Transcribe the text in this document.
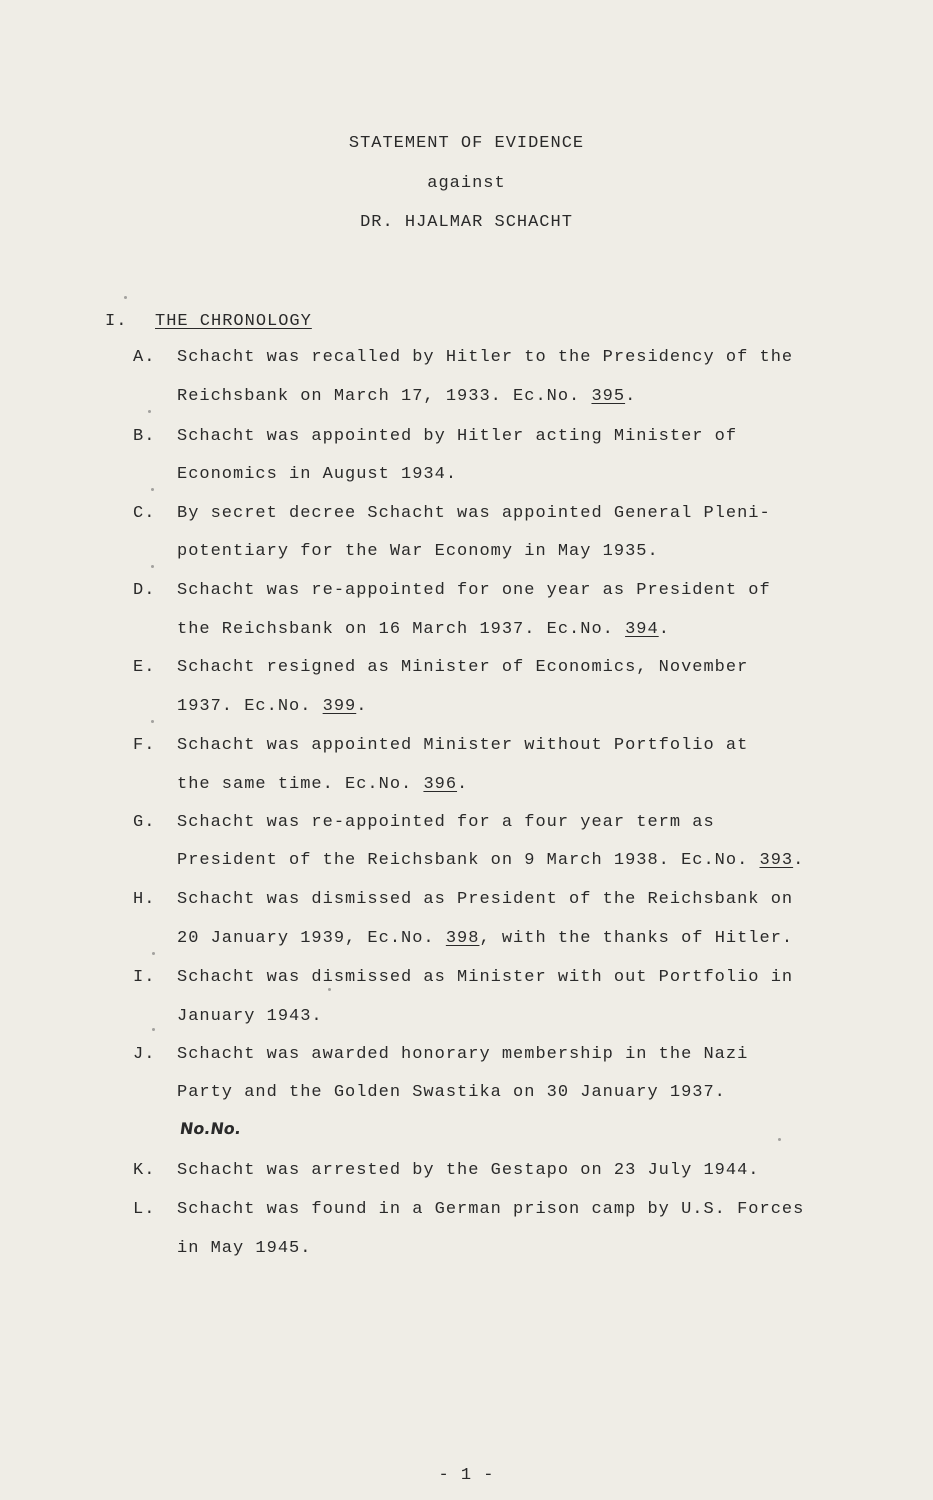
STATEMENT OF EVIDENCE
against
DR. HJALMAR SCHACHT
I. THE CHRONOLOGY
A. Schacht was recalled by Hitler to the Presidency of the
Reichsbank on March 17, 1933. Ec.No. 395.
B. Schacht was appointed by Hitler acting Minister of
Economics in August 1934.
C. By secret decree Schacht was appointed General Pleni-
potentiary for the War Economy in May 1935.
D. Schacht was re-appointed for one year as President of
the Reichsbank on 16 March 1937. Ec.No. 394.
E. Schacht resigned as Minister of Economics, November
1937. Ec.No. 399.
F. Schacht was appointed Minister without Portfolio at
the same time. Ec.No. 396.
G. Schacht was re-appointed for a four year term as
President of the Reichsbank on 9 March 1938. Ec.No. 393.
H. Schacht was dismissed as President of the Reichsbank on
20 January 1939, Ec.No. 398, with the thanks of Hitler.
I. Schacht was dismissed as Minister with out Portfolio in
January 1943.
J. Schacht was awarded honorary membership in the Nazi
Party and the Golden Swastika on 30 January 1937.
No.No.
K. Schacht was arrested by the Gestapo on 23 July 1944.
L. Schacht was found in a German prison camp by U.S. Forces
in May 1945.
- 1 -
